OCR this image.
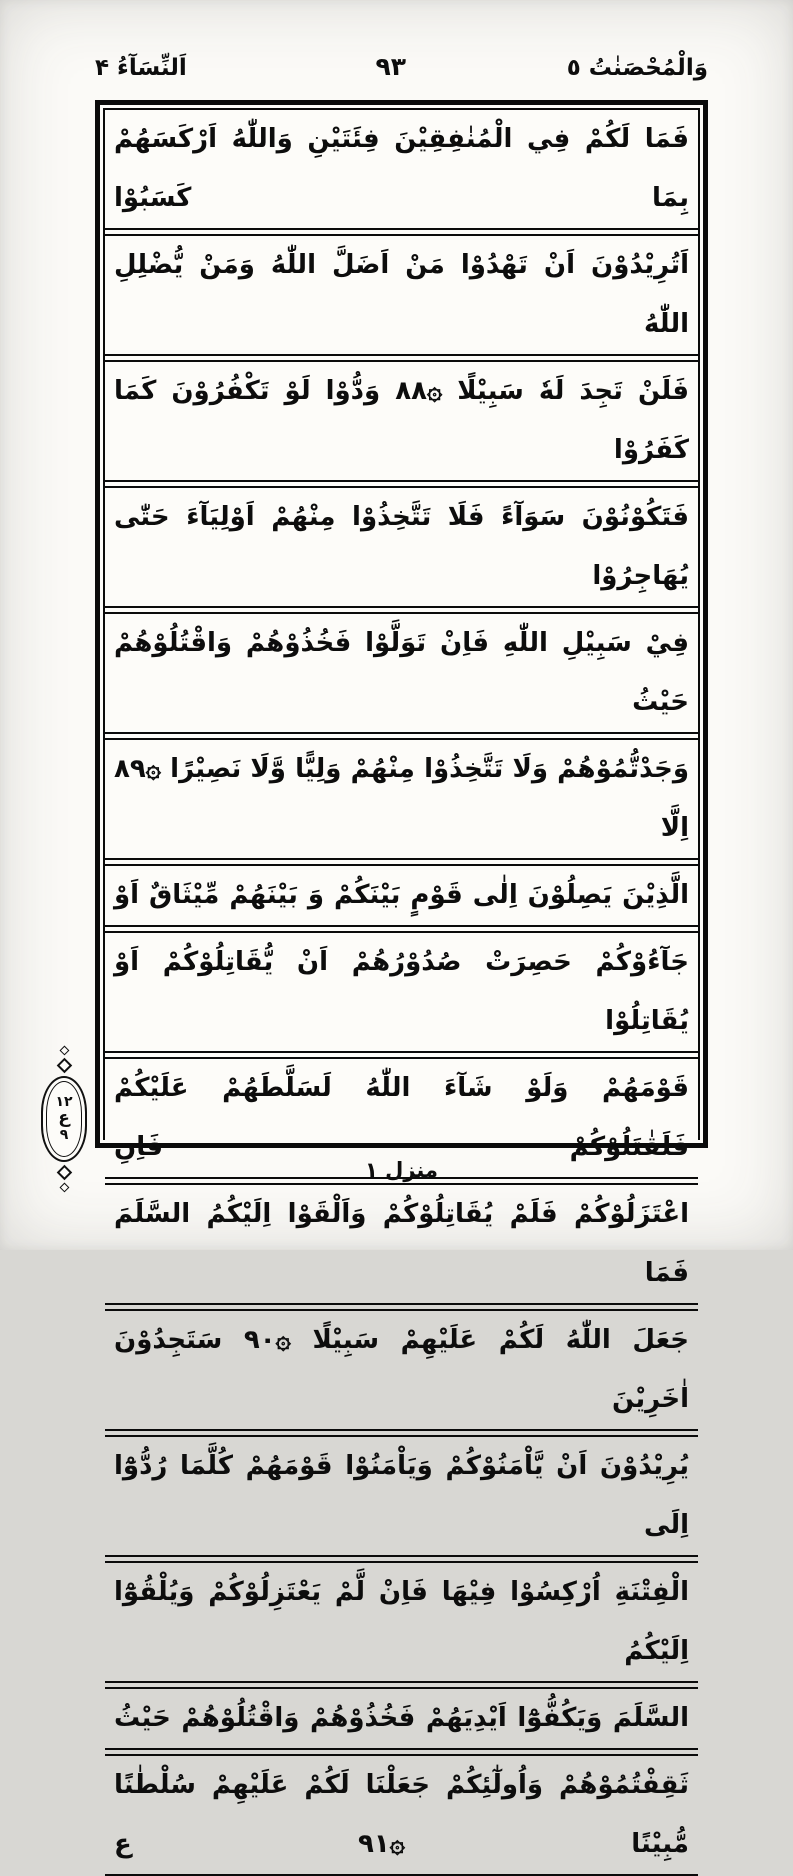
وَالْمُحْصَنٰتُ ٥
٩٣
اَلنِّسَآءُ ۴
فَمَا لَكُمْ فِي الْمُنٰفِقِيْنَ فِئَتَيْنِ وَاللّٰهُ اَرْكَسَهُمْ بِمَا كَسَبُوْا
اَتُرِيْدُوْنَ اَنْ تَهْدُوْا مَنْ اَضَلَّ اللّٰهُ وَمَنْ يُّضْلِلِ اللّٰهُ
فَلَنْ تَجِدَ لَهٗ سَبِيْلًا ۞٨٨ وَدُّوْا لَوْ تَكْفُرُوْنَ كَمَا كَفَرُوْا
فَتَكُوْنُوْنَ سَوَآءً فَلَا تَتَّخِذُوْا مِنْهُمْ اَوْلِيَآءَ حَتّٰى يُهَاجِرُوْا
فِيْ سَبِيْلِ اللّٰهِ فَاِنْ تَوَلَّوْا فَخُذُوْهُمْ وَاقْتُلُوْهُمْ حَيْثُ
وَجَدْتُّمُوْهُمْ وَلَا تَتَّخِذُوْا مِنْهُمْ وَلِيًّا وَّلَا نَصِيْرًا ۞٨٩ اِلَّا
الَّذِيْنَ يَصِلُوْنَ اِلٰى قَوْمٍ بَيْنَكُمْ وَ بَيْنَهُمْ مِّيْثَاقٌ اَوْ
جَآءُوْكُمْ حَصِرَتْ صُدُوْرُهُمْ اَنْ يُّقَاتِلُوْكُمْ اَوْ يُقَاتِلُوْا
قَوْمَهُمْ وَلَوْ شَآءَ اللّٰهُ لَسَلَّطَهُمْ عَلَيْكُمْ فَلَقٰتَلُوْكُمْ فَاِنِ
اعْتَزَلُوْكُمْ فَلَمْ يُقَاتِلُوْكُمْ وَاَلْقَوْا اِلَيْكُمُ السَّلَمَ فَمَا
جَعَلَ اللّٰهُ لَكُمْ عَلَيْهِمْ سَبِيْلًا ۞٩٠ سَتَجِدُوْنَ اٰخَرِيْنَ
يُرِيْدُوْنَ اَنْ يَّاْمَنُوْكُمْ وَيَاْمَنُوْا قَوْمَهُمْ كُلَّمَا رُدُّوْٓا اِلَى
الْفِتْنَةِ اُرْكِسُوْا فِيْهَا فَاِنْ لَّمْ يَعْتَزِلُوْكُمْ وَيُلْقُوْٓا اِلَيْكُمُ
السَّلَمَ وَيَكُفُّوْٓا اَيْدِيَهُمْ فَخُذُوْهُمْ وَاقْتُلُوْهُمْ حَيْثُ
ثَقِفْتُمُوْهُمْ وَاُولٰٓئِكُمْ جَعَلْنَا لَكُمْ عَلَيْهِمْ سُلْطٰنًا مُّبِيْنًا ۞٩١ ع
١٢
ع
٩
منزل ١
